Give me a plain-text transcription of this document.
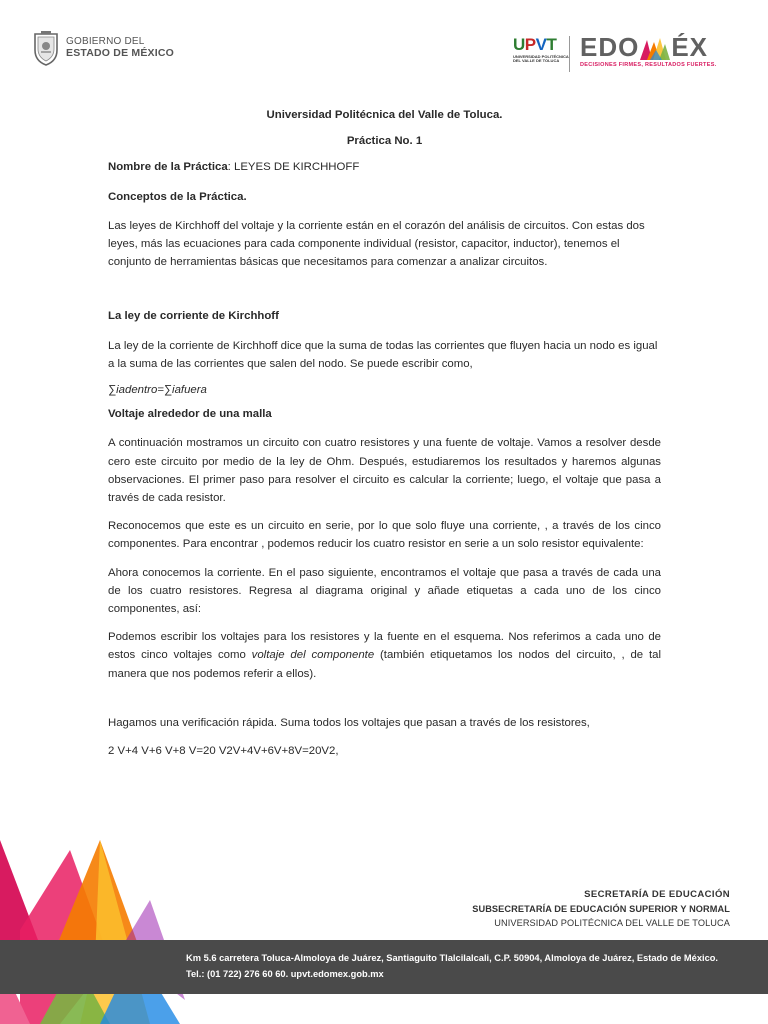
GOBIERNO DEL
ESTADO DE MÉXICO	UPVT
UNIVERSIDAD POLITÉCNICA DEL VALLE DE TOLUCA EDO ÉX
DECISIONES FIRMES, RESULTADOS FUERTES.

Universidad Politécnica del Valle de Toluca.

Práctica No. 1

Nombre de la Práctica: LEYES DE KIRCHHOFF

Conceptos de la Práctica.

Las leyes de Kirchhoff del voltaje y la corriente están en el corazón del análisis de circuitos. Con estas dos leyes, más las ecuaciones para cada componente individual (resistor, capacitor, inductor), tenemos el conjunto de herramientas básicas que necesitamos para comenzar a analizar circuitos.

La ley de corriente de Kirchhoff

La ley de la corriente de Kirchhoff dice que la suma de todas las corrientes que fluyen hacia un nodo es igual a la suma de las corrientes que salen del nodo. Se puede escribir como,

∑iadentro=∑iafuera

Voltaje alrededor de una malla

A continuación mostramos un circuito con cuatro resistores y una fuente de voltaje. Vamos a resolver desde cero este circuito por medio de la ley de Ohm. Después, estudiaremos los resultados y haremos algunas observaciones. El primer paso para resolver el circuito es calcular la corriente; luego, el voltaje que pasa a través de cada resistor.

Reconocemos que este es un circuito en serie, por lo que solo fluye una corriente, , a través de los cinco componentes. Para encontrar , podemos reducir los cuatro resistor en serie a un solo resistor equivalente:

Ahora conocemos la corriente. En el paso siguiente, encontramos el voltaje que pasa a través de cada una de los cuatro resistores. Regresa al diagrama original y añade etiquetas a cada uno de los cinco componentes, así:

Podemos escribir los voltajes para los resistores y la fuente en el esquema. Nos referimos a cada uno de estos cinco voltajes como voltaje del componente (también etiquetamos los nodos del circuito, , de tal manera que nos podemos referir a ellos).

Hagamos una verificación rápida. Suma todos los voltajes que pasan a través de los resistores,

2 V+4 V+6 V+8 V=20 V2V+4V+6V+8V=20V2,

SECRETARÍA DE EDUCACIÓN
SUBSECRETARÍA DE EDUCACIÓN SUPERIOR Y NORMAL
UNIVERSIDAD POLITÉCNICA DEL VALLE DE TOLUCA
Km 5.6 carretera Toluca-Almoloya de Juárez, Santiaguito Tlalcilalcali, C.P. 50904, Almoloya de Juárez, Estado de México.
Tel.: (01 722) 276 60 60. upvt.edomex.gob.mx
